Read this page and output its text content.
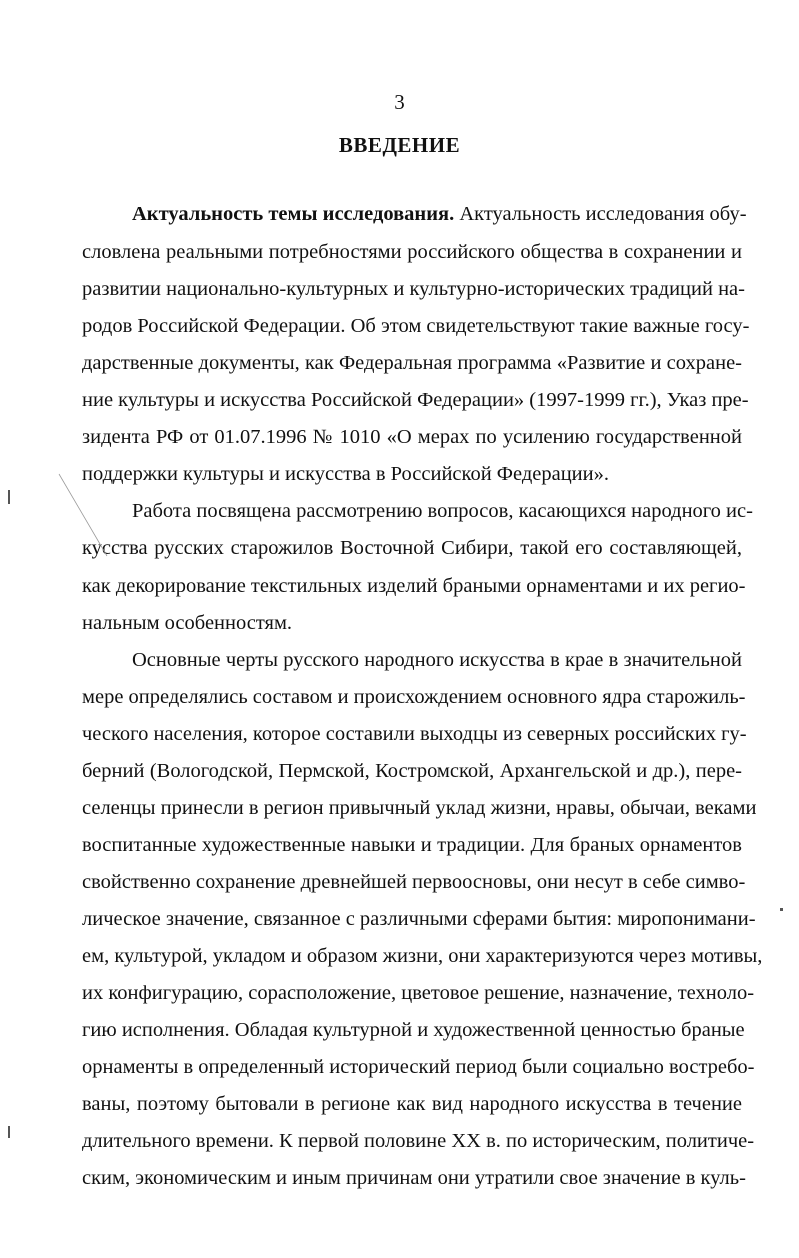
3
ВВЕДЕНИЕ
Актуальность темы исследования. Актуальность исследования обу-
словлена реальными потребностями российского общества в сохранении и
развитии национально-культурных и культурно-исторических традиций на-
родов Российской Федерации. Об этом свидетельствуют такие важные госу-
дарственные документы, как Федеральная программа «Развитие и сохране-
ние культуры и искусства Российской Федерации» (1997-1999 гг.), Указ пре-
зидента РФ от 01.07.1996 № 1010 «О мерах по усилению государственной
поддержки культуры и искусства в Российской Федерации».
Работа посвящена рассмотрению вопросов, касающихся народного ис-
кусства русских старожилов Восточной Сибири, такой его составляющей,
как декорирование текстильных изделий браными орнаментами и их регио-
нальным особенностям.
Основные черты русского народного искусства в крае в значительной
мере определялись составом и происхождением основного ядра старожиль-
ческого населения, которое составили выходцы из северных российских гу-
берний (Вологодской, Пермской, Костромской, Архангельской и др.), пере-
селенцы принесли в регион привычный уклад жизни, нравы, обычаи, веками
воспитанные художественные навыки и традиции. Для браных орнаментов
свойственно сохранение древнейшей первоосновы, они несут в себе симво-
лическое значение, связанное с различными сферами бытия: миропонимани-
ем, культурой, укладом и образом жизни, они характеризуются через мотивы,
их конфигурацию, сорасположение, цветовое решение, назначение, техноло-
гию исполнения. Обладая культурной и художественной ценностью браные
орнаменты в определенный исторический период были социально востребо-
ваны, поэтому бытовали в регионе как вид народного искусства в течение
длительного времени. К первой половине XX в. по историческим, политиче-
ским, экономическим и иным причинам они утратили свое значение в куль-
